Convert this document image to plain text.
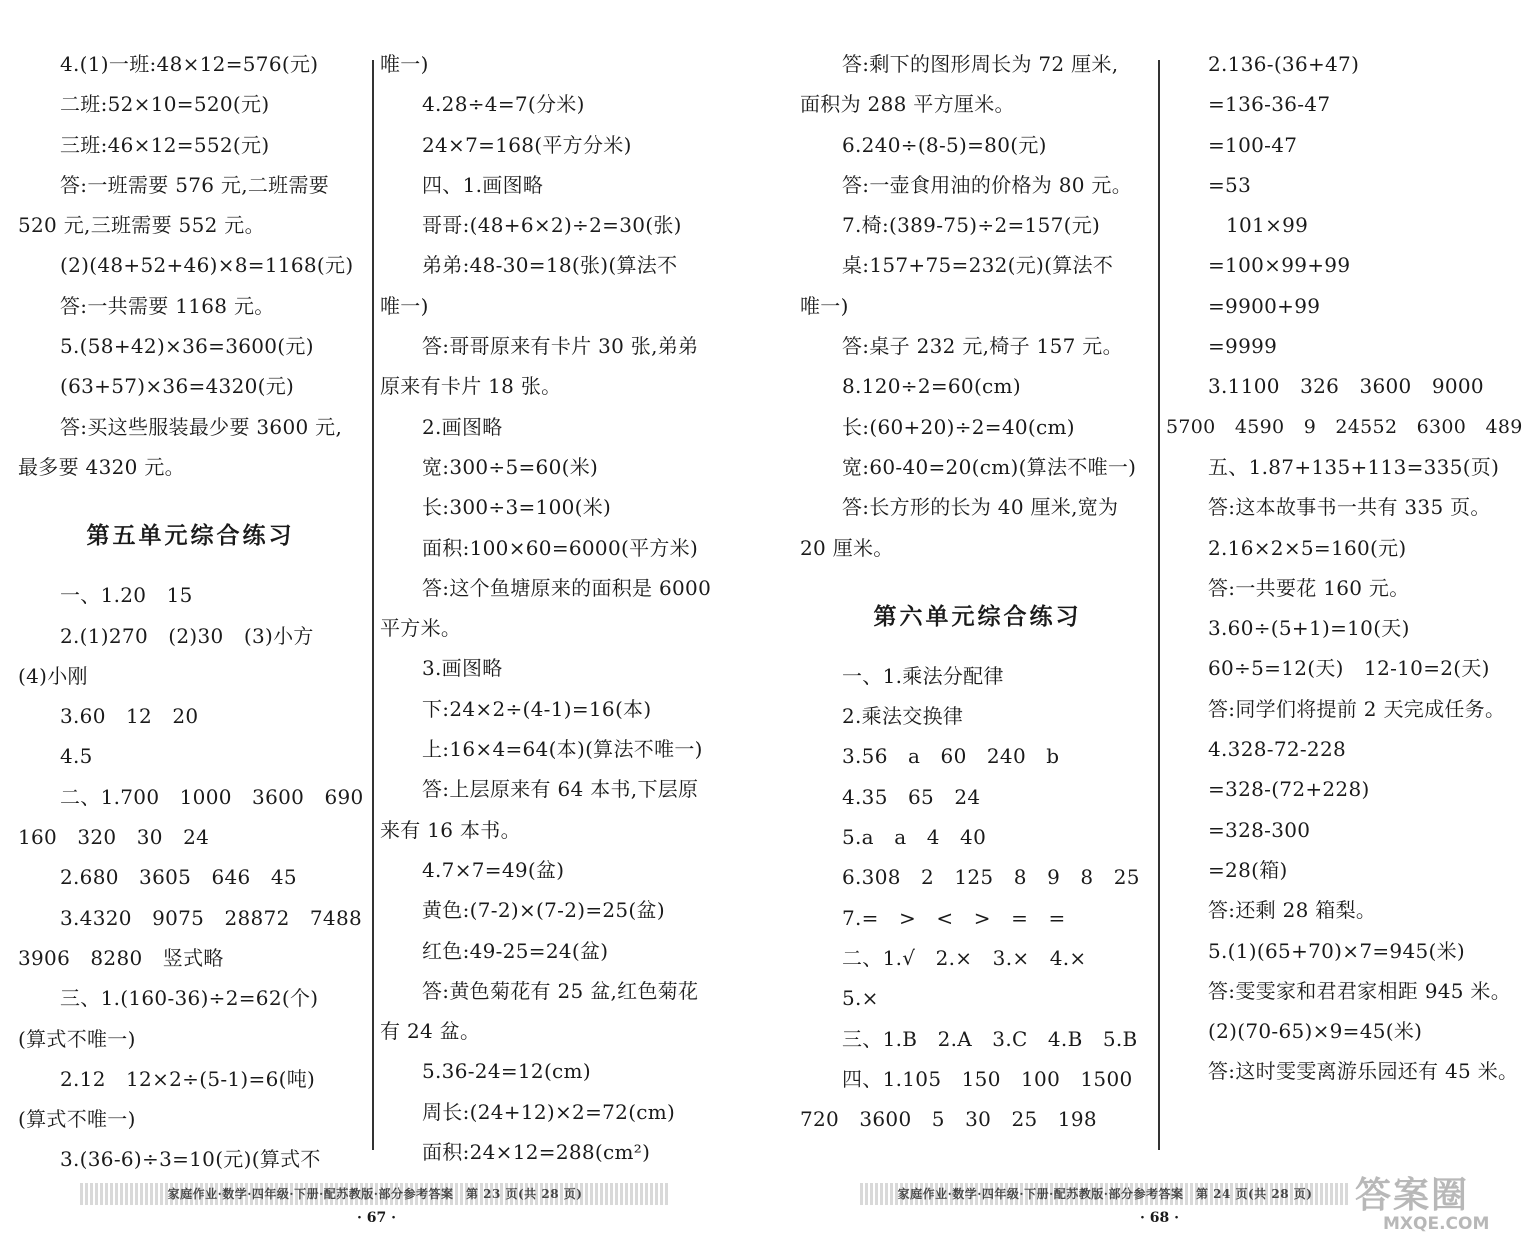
4.(1)一班:48×12=576(元)
二班:52×10=520(元)
三班:46×12=552(元)
答:一班需要 576 元,二班需要
520 元,三班需要 552 元。
(2)(48+52+46)×8=1168(元)
答:一共需要 1168 元。
5.(58+42)×36=3600(元)
(63+57)×36=4320(元)
答:买这些服装最少要 3600 元,
最多要 4320 元。
第五单元综合练习
一、1.20　15
2.(1)270　(2)30　(3)小方
(4)小刚
3.60　12　20
4.5
二、1.700　1000　3600　690
160　320　30　24
2.680　3605　646　45
3.4320　9075　28872　7488
3906　8280　竖式略
三、1.(160-36)÷2=62(个)
(算式不唯一)
2.12　12×2÷(5-1)=6(吨)
(算式不唯一)
3.(36-6)÷3=10(元)(算式不
唯一)
4.28÷4=7(分米)
24×7=168(平方分米)
四、1.画图略
哥哥:(48+6×2)÷2=30(张)
弟弟:48-30=18(张)(算法不
唯一)
答:哥哥原来有卡片 30 张,弟弟
原来有卡片 18 张。
2.画图略
宽:300÷5=60(米)
长:300÷3=100(米)
面积:100×60=6000(平方米)
答:这个鱼塘原来的面积是 6000
平方米。
3.画图略
下:24×2÷(4-1)=16(本)
上:16×4=64(本)(算法不唯一)
答:上层原来有 64 本书,下层原
来有 16 本书。
4.7×7=49(盆)
黄色:(7-2)×(7-2)=25(盆)
红色:49-25=24(盆)
答:黄色菊花有 25 盆,红色菊花
有 24 盆。
5.36-24=12(cm)
周长:(24+12)×2=72(cm)
面积:24×12=288(cm²)
答:剩下的图形周长为 72 厘米,
面积为 288 平方厘米。
6.240÷(8-5)=80(元)
答:一壶食用油的价格为 80 元。
7.椅:(389-75)÷2=157(元)
桌:157+75=232(元)(算法不
唯一)
答:桌子 232 元,椅子 157 元。
8.120÷2=60(cm)
长:(60+20)÷2=40(cm)
宽:60-40=20(cm)(算法不唯一)
答:长方形的长为 40 厘米,宽为
20 厘米。
第六单元综合练习
一、1.乘法分配律
2.乘法交换律
3.56　a　60　240　b
4.35　65　24
5.a　a　4　40
6.308　2　125　8　9　8　25
7.=　>　<　>　=　=
二、1.√　2.×　3.×　4.×
5.×
三、1.B　2.A　3.C　4.B　5.B
四、1.105　150　100　1500
720　3600　5　30　25　198
2.136-(36+47)
=136-36-47
=100-47
=53
101×99
=100×99+99
=9900+99
=9999
3.1100　326　3600　9000
5700　4590　9　24552　6300　489
五、1.87+135+113=335(页)
答:这本故事书一共有 335 页。
2.16×2×5=160(元)
答:一共要花 160 元。
3.60÷(5+1)=10(天)
60÷5=12(天)　12-10=2(天)
答:同学们将提前 2 天完成任务。
4.328-72-228
=328-(72+228)
=328-300
=28(箱)
答:还剩 28 箱梨。
5.(1)(65+70)×7=945(米)
答:雯雯家和君君家相距 945 米。
(2)(70-65)×9=45(米)
答:这时雯雯离游乐园还有 45 米。
家庭作业·数学·四年级·下册·配苏教版·部分参考答案　第 23 页(共 28 页)	家庭作业·数学·四年级·下册·配苏教版·部分参考答案　第 24 页(共 28 页)
· 67 ·	· 68 ·
答案圈
MXQE.COM
